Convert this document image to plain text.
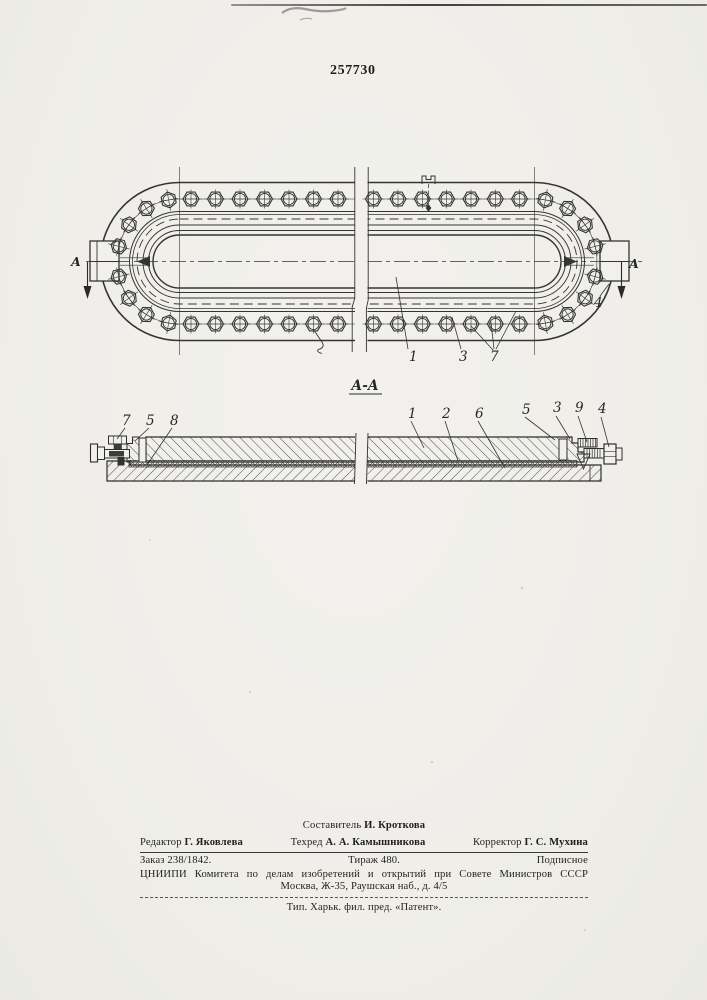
257730
А	А
1	3 7
4
А-А
7 5 8	1 2 6	5 3 9 4
Составитель И. Кроткова
Редактор Г. Яковлева	Техред А. А. Камышникова	Корректор Г. С. Мухина
Заказ 238/1842.	Тираж 480.	Подписное
ЦНИИПИ Комитета по делам изобретений и открытий при Совете Министров СССР
Москва, Ж-35, Раушская наб., д. 4/5
Тип. Харьк. фил. пред. «Патент».
